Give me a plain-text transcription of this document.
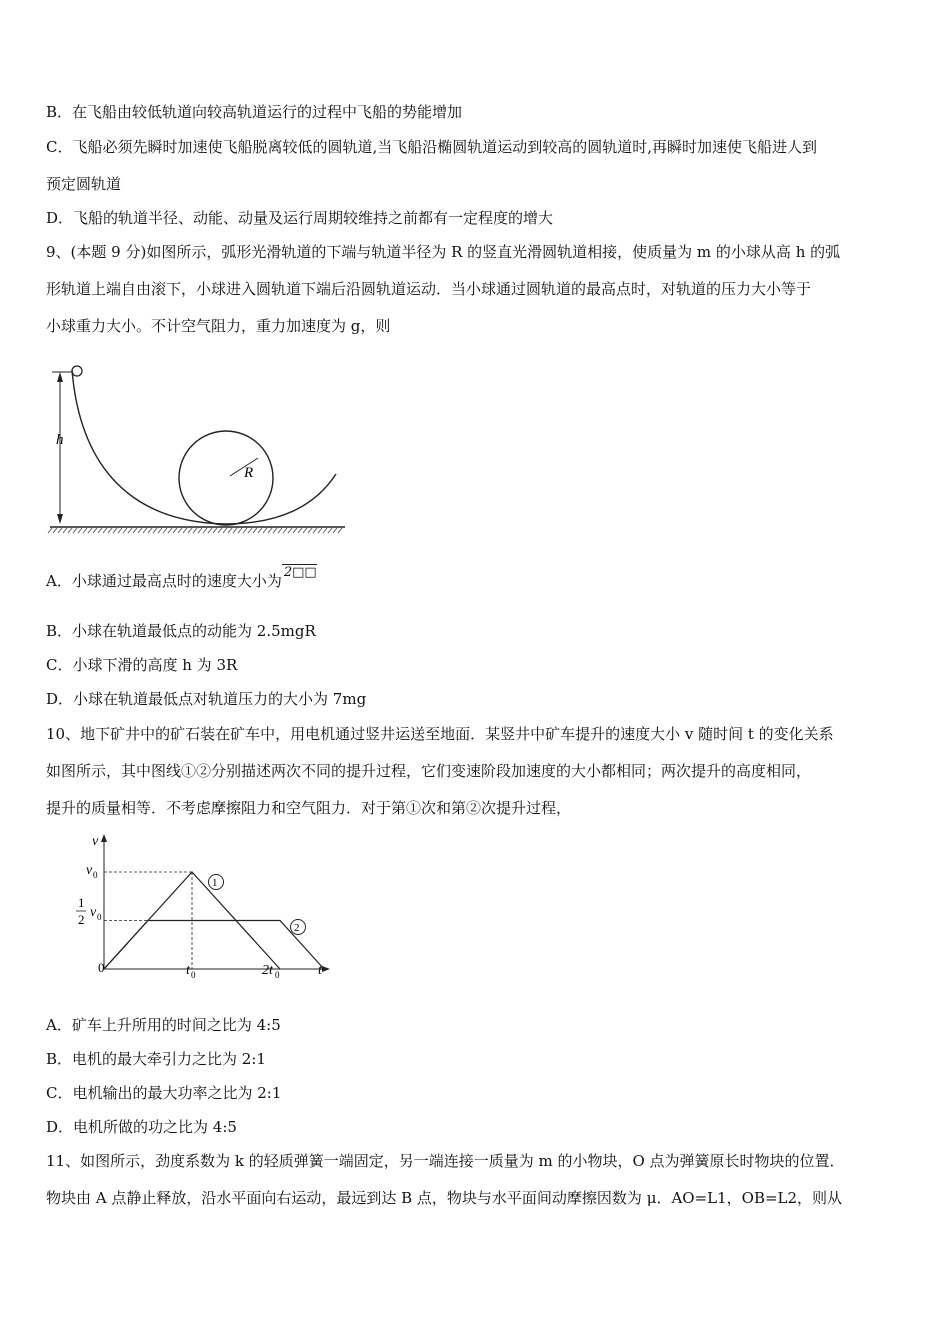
B．在飞船由较低轨道向较高轨道运行的过程中飞船的势能增加
C．飞船必须先瞬时加速使飞船脱离较低的圆轨道,当飞船沿椭圆轨道运动到较高的圆轨道时,再瞬时加速使飞船进人到
预定圆轨道
D．飞船的轨道半径、动能、动量及运行周期较维持之前都有一定程度的增大
9、(本题 9 分)如图所示，弧形光滑轨道的下端与轨道半径为 R 的竖直光滑圆轨道相接，使质量为 m 的小球从高 h 的弧
形轨道上端自由滚下，小球进入圆轨道下端后沿圆轨道运动．当小球通过圆轨道的最高点时，对轨道的压力大小等于
小球重力大小。不计空气阻力，重力加速度为 g，则
h
R
A．小球通过最高点时的速度大小为 2□□
B．小球在轨道最低点的动能为 2.5mgR
C．小球下滑的高度 h 为 3R
D．小球在轨道最低点对轨道压力的大小为 7mg
10、地下矿井中的矿石装在矿车中，用电机通过竖井运送至地面．某竖井中矿车提升的速度大小 v 随时间 t 的变化关系
如图所示，其中图线①②分别描述两次不同的提升过程，它们变速阶段加速度的大小都相同；两次提升的高度相同，
提升的质量相等．不考虑摩擦阻力和空气阻力．对于第①次和第②次提升过程，
v
t
v 0
1
2 v 0
0	t 0	2t 0
1
2
A．矿车上升所用的时间之比为 4:5
B．电机的最大牵引力之比为 2:1
C．电机输出的最大功率之比为 2:1
D．电机所做的功之比为 4:5
11、如图所示，劲度系数为 k 的轻质弹簧一端固定，另一端连接一质量为 m 的小物块，O 点为弹簧原长时物块的位置．
物块由 A 点静止释放，沿水平面向右运动，最远到达 B 点，物块与水平面间动摩擦因数为 μ．AO=L1，OB=L2，则从
